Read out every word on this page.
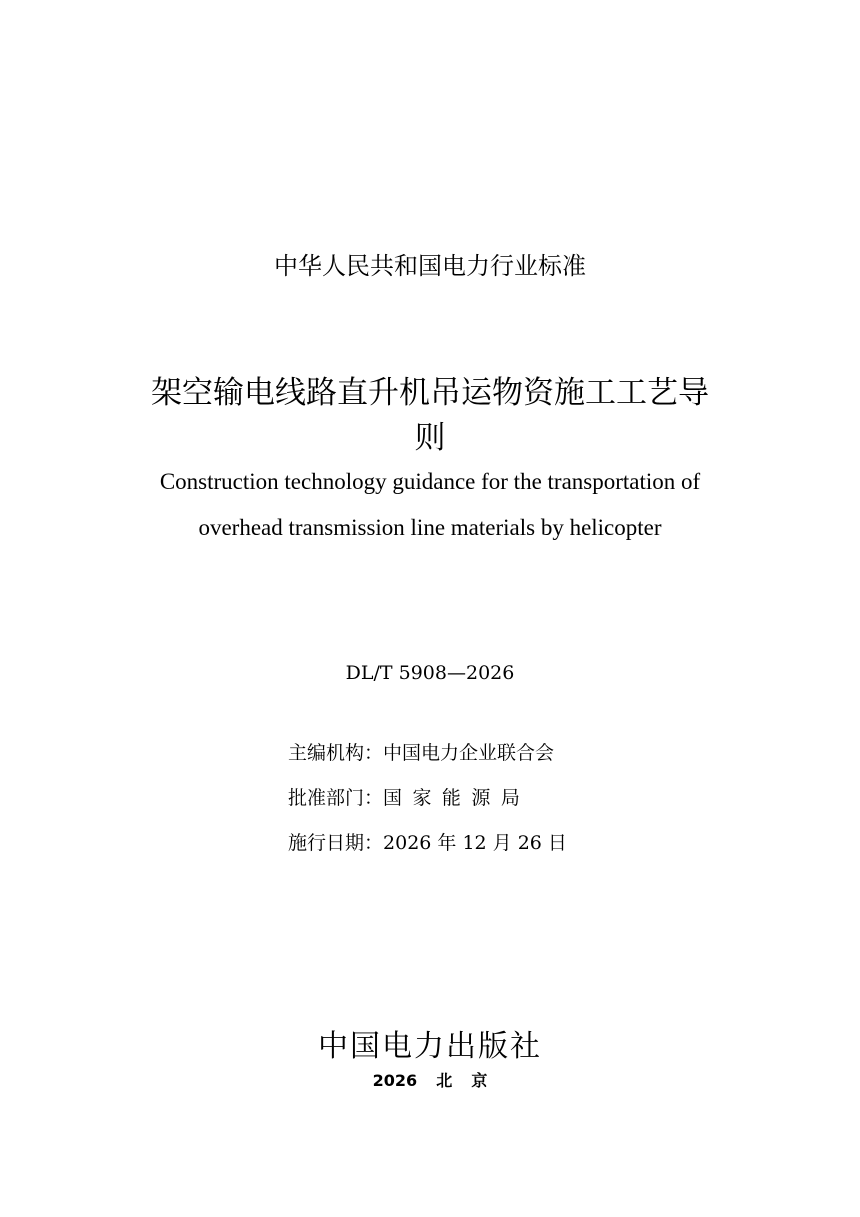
中华人民共和国电力行业标准
架空输电线路直升机吊运物资施工工艺导
则
Construction technology guidance for the transportation of
overhead transmission line materials by helicopter
DL/T 5908—2026
主编机构：中国电力企业联合会
批准部门：国家能源局
施行日期：2026 年 12 月 26 日
中国电力出版社
2026  北  京
